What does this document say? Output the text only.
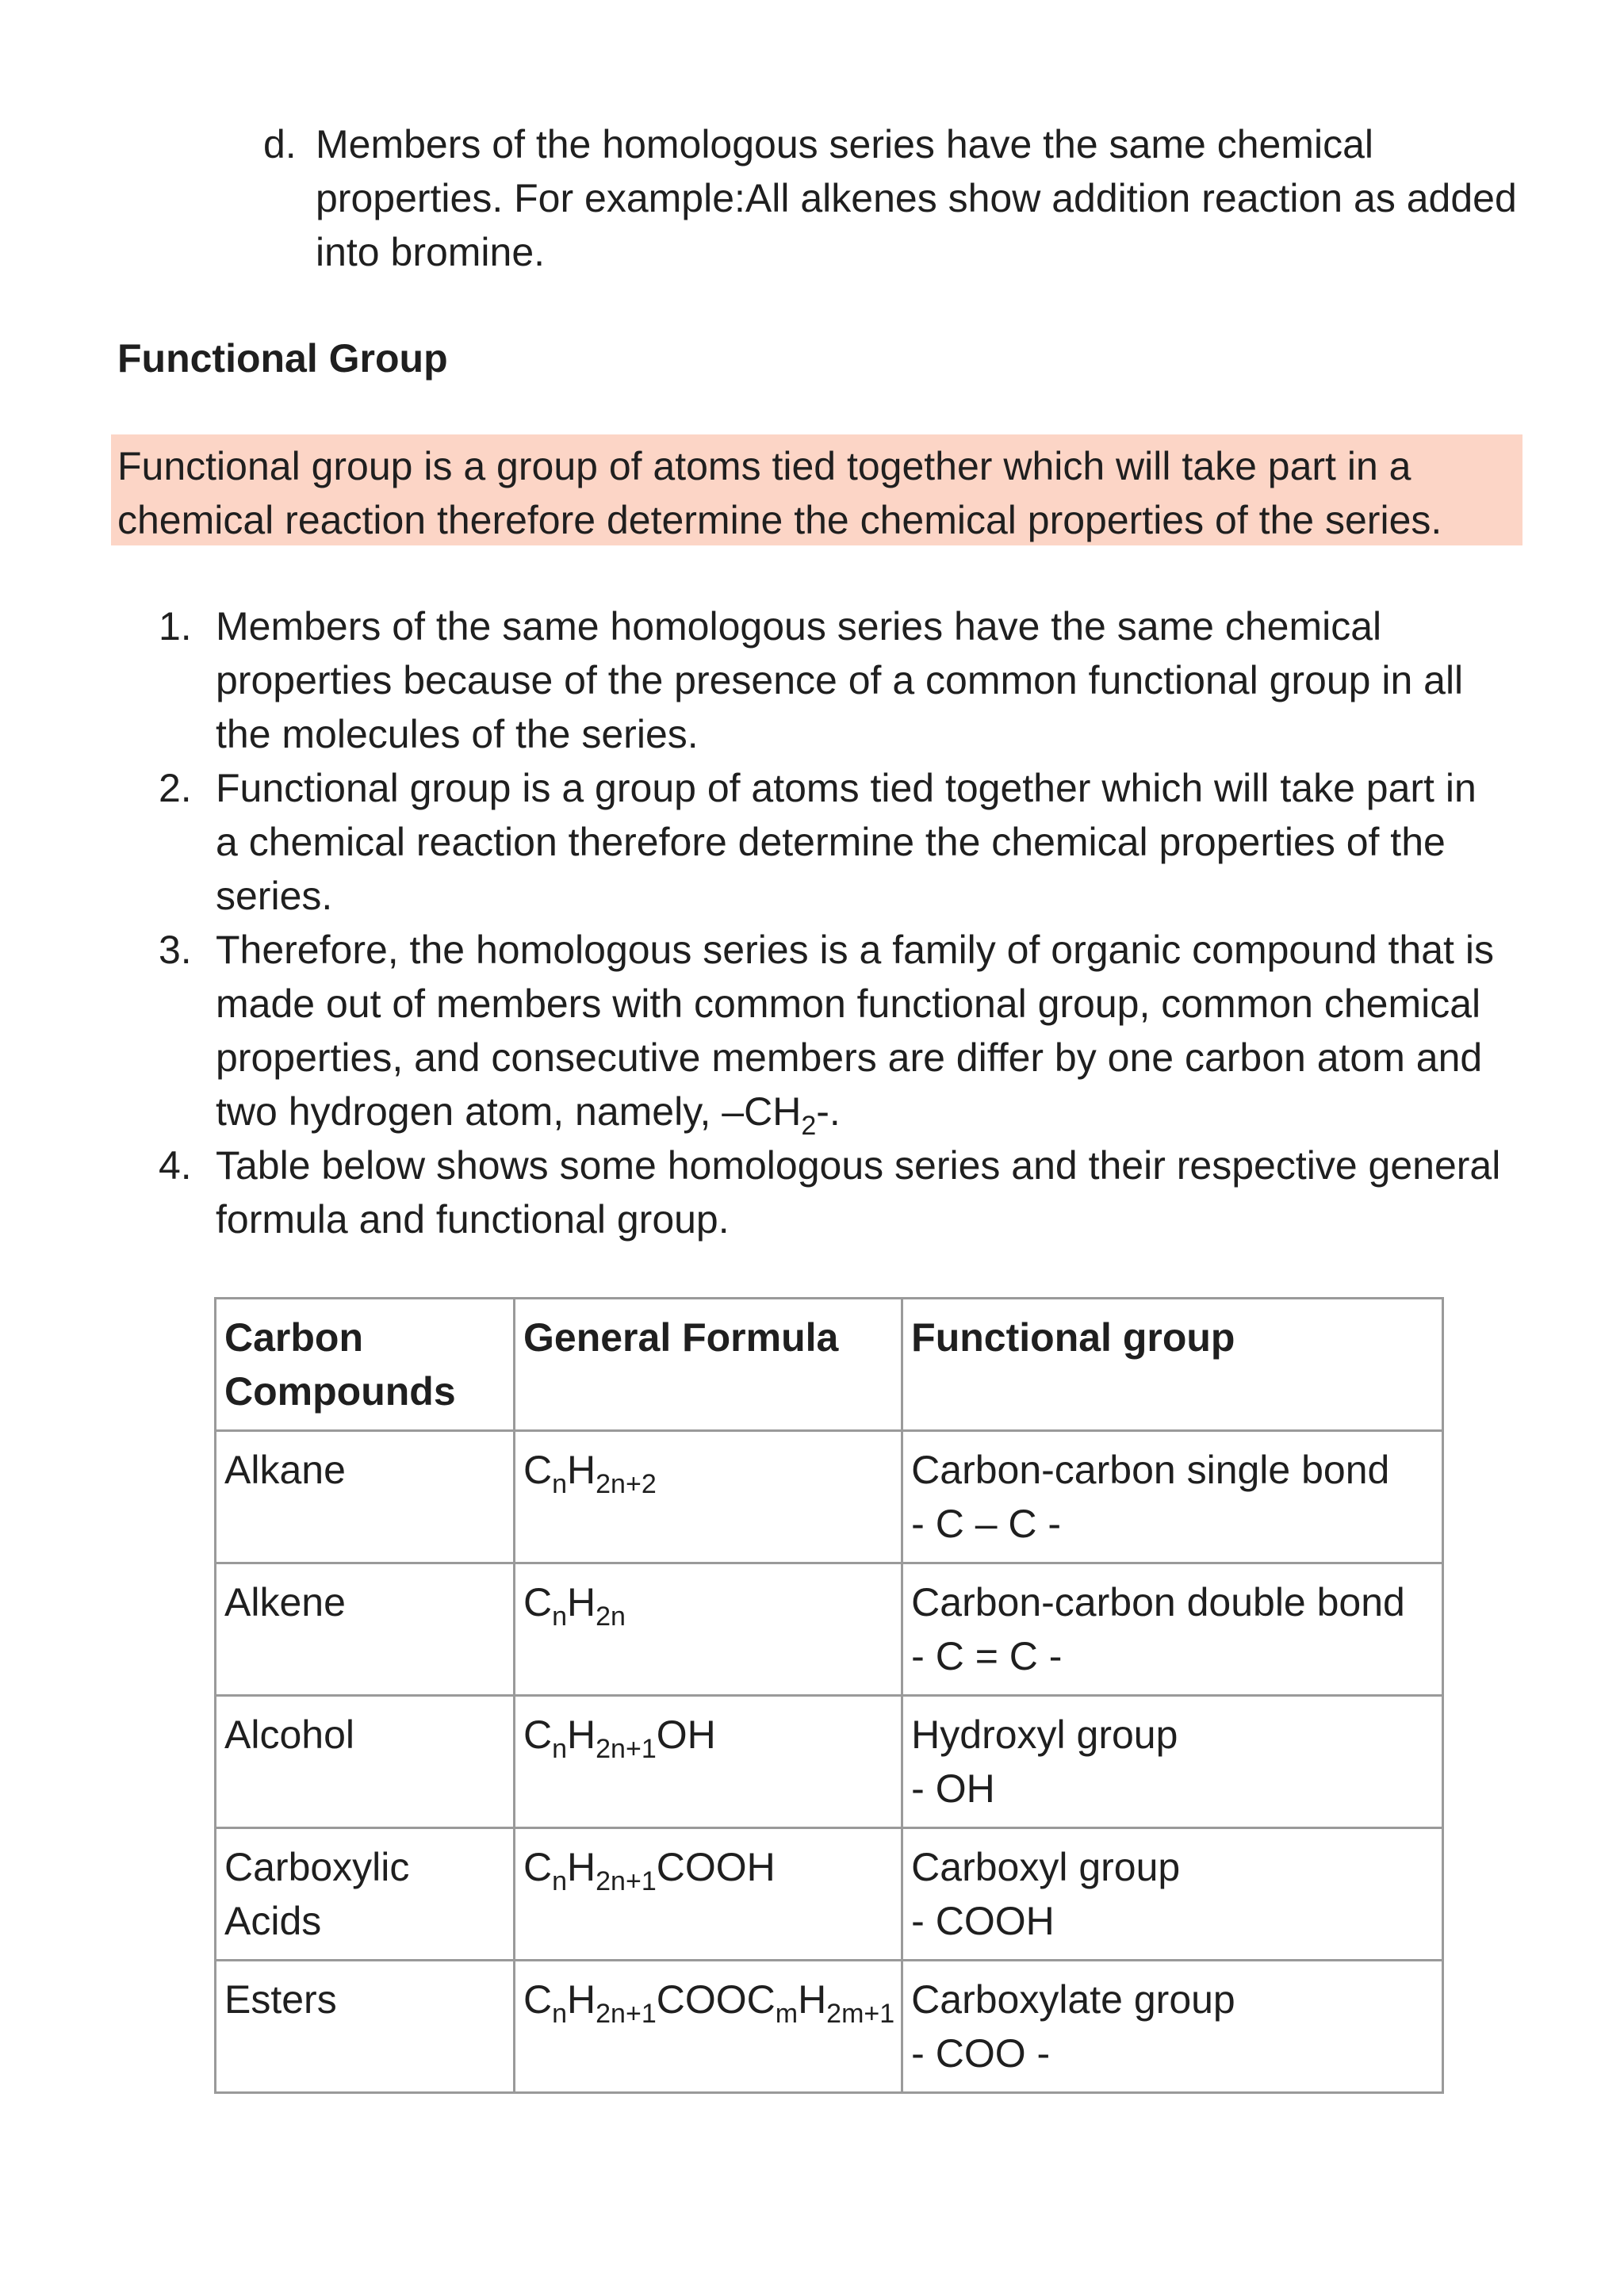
d. Members of the homologous series have the same chemical properties. For example:All alkenes show addition reaction as added into bromine.
Functional Group
Functional group is a group of atoms tied together which will take part in a chemical reaction therefore determine the chemical properties of the series.
1. Members of the same homologous series have the same chemical properties because of the presence of a common functional group in all the molecules of the series.
2. Functional group is a group of atoms tied together which will take part in a chemical reaction therefore determine the chemical properties of the series.
3. Therefore, the homologous series is a family of organic compound that is made out of members with common functional group, common chemical properties, and consecutive members are differ by one carbon atom and two hydrogen atom, namely, $-CH_2-$.
4. Table below shows some homologous series and their respective general formula and functional group.
Carbon Compounds	General Formula	Functional group
Alkane	$C_nH_{2n+2}$	Carbon-carbon single bond
- C – C -

Alkene	$C_nH_{2n}$	Carbon-carbon double bond
- C = C -

Alcohol	$C_nH_{2n+1}OH$	Hydroxyl group
- OH

Carboxylic Acids	$C_nH_{2n+1}COOH$	Carboxyl group
- COOH

Esters	$C_nH_{2n+1}COOC_mH_{2m+1}$	Carboxylate group
- COO -
